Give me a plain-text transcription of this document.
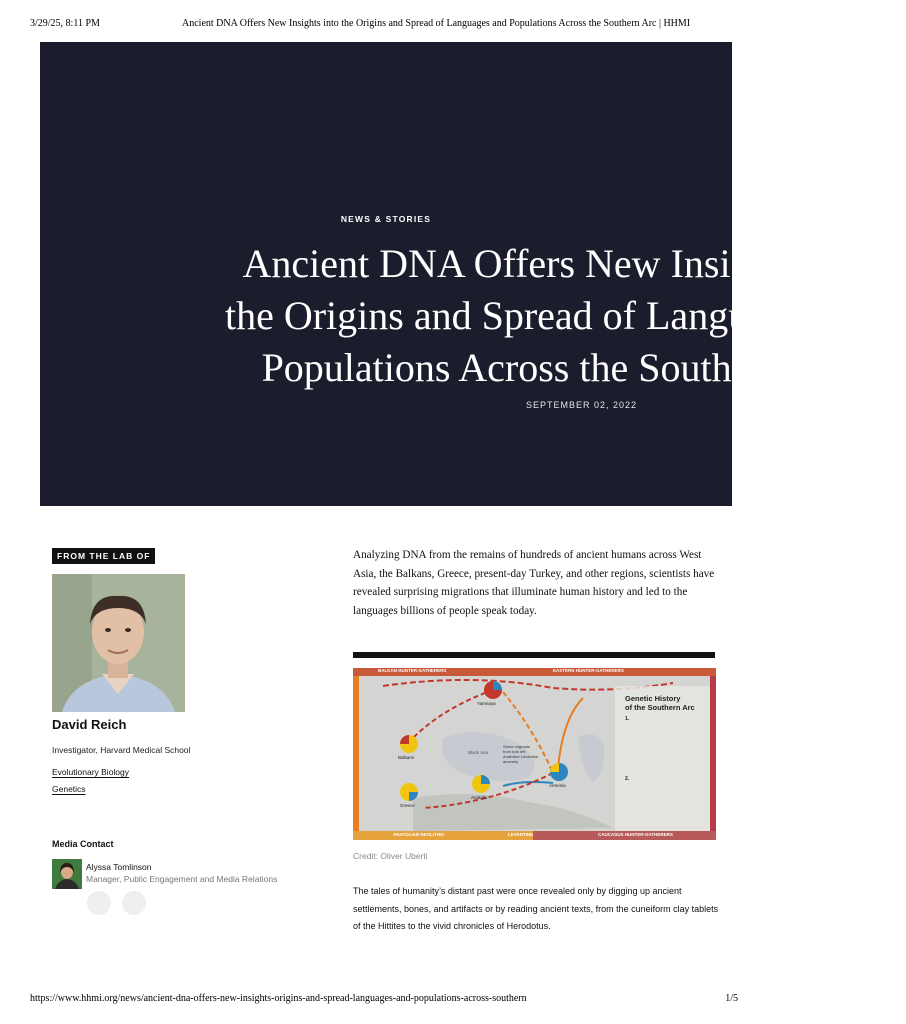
3/29/25, 8:11 PM	Ancient DNA Offers New Insights into the Origins and Spread of Languages and Populations Across the Southern Arc | HHMI
NEWS & STORIES
Ancient DNA Offers New Insights into
the Origins and Spread of Languages and
Populations Across the Southern Arc
SEPTEMBER 02, 2022
FROM THE LAB OF
David Reich
Investigator, Harvard Medical School
Evolutionary Biology
Genetics
Media Contact
Alyssa Tomlinson
Manager, Public Engagement and Media Relations

Analyzing DNA from the remains of hundreds of ancient humans across West Asia, the Balkans, Greece, present-day Turkey, and other regions, scientists have revealed surprising migrations that illuminate human history and led to the languages billions of people speak today.

BALKAN HUNTER-GATHERERS	EASTERN HUNTER-GATHERERS
ANATOLIAN NEOLITHIC	LEVANTINE	CAUCASUS HUNTER-GATHERERS
Genetic History
of the Southern Arc
1.
2.
Yamnaya
Balkans
Greece
Anatolia
Armenia
Black Sea
Some migrants
from Iran left
Anatolian Levantine
ancestry
Credit: Oliver Uberti

The tales of humanity’s distant past were once revealed only by digging up ancient settlements, bones, and artifacts or by reading ancient texts, from the cuneiform clay tablets of the Hittites to the vivid chronicles of Herodotus.

https://www.hhmi.org/news/ancient-dna-offers-new-insights-origins-and-spread-languages-and-populations-across-southern	1/5
